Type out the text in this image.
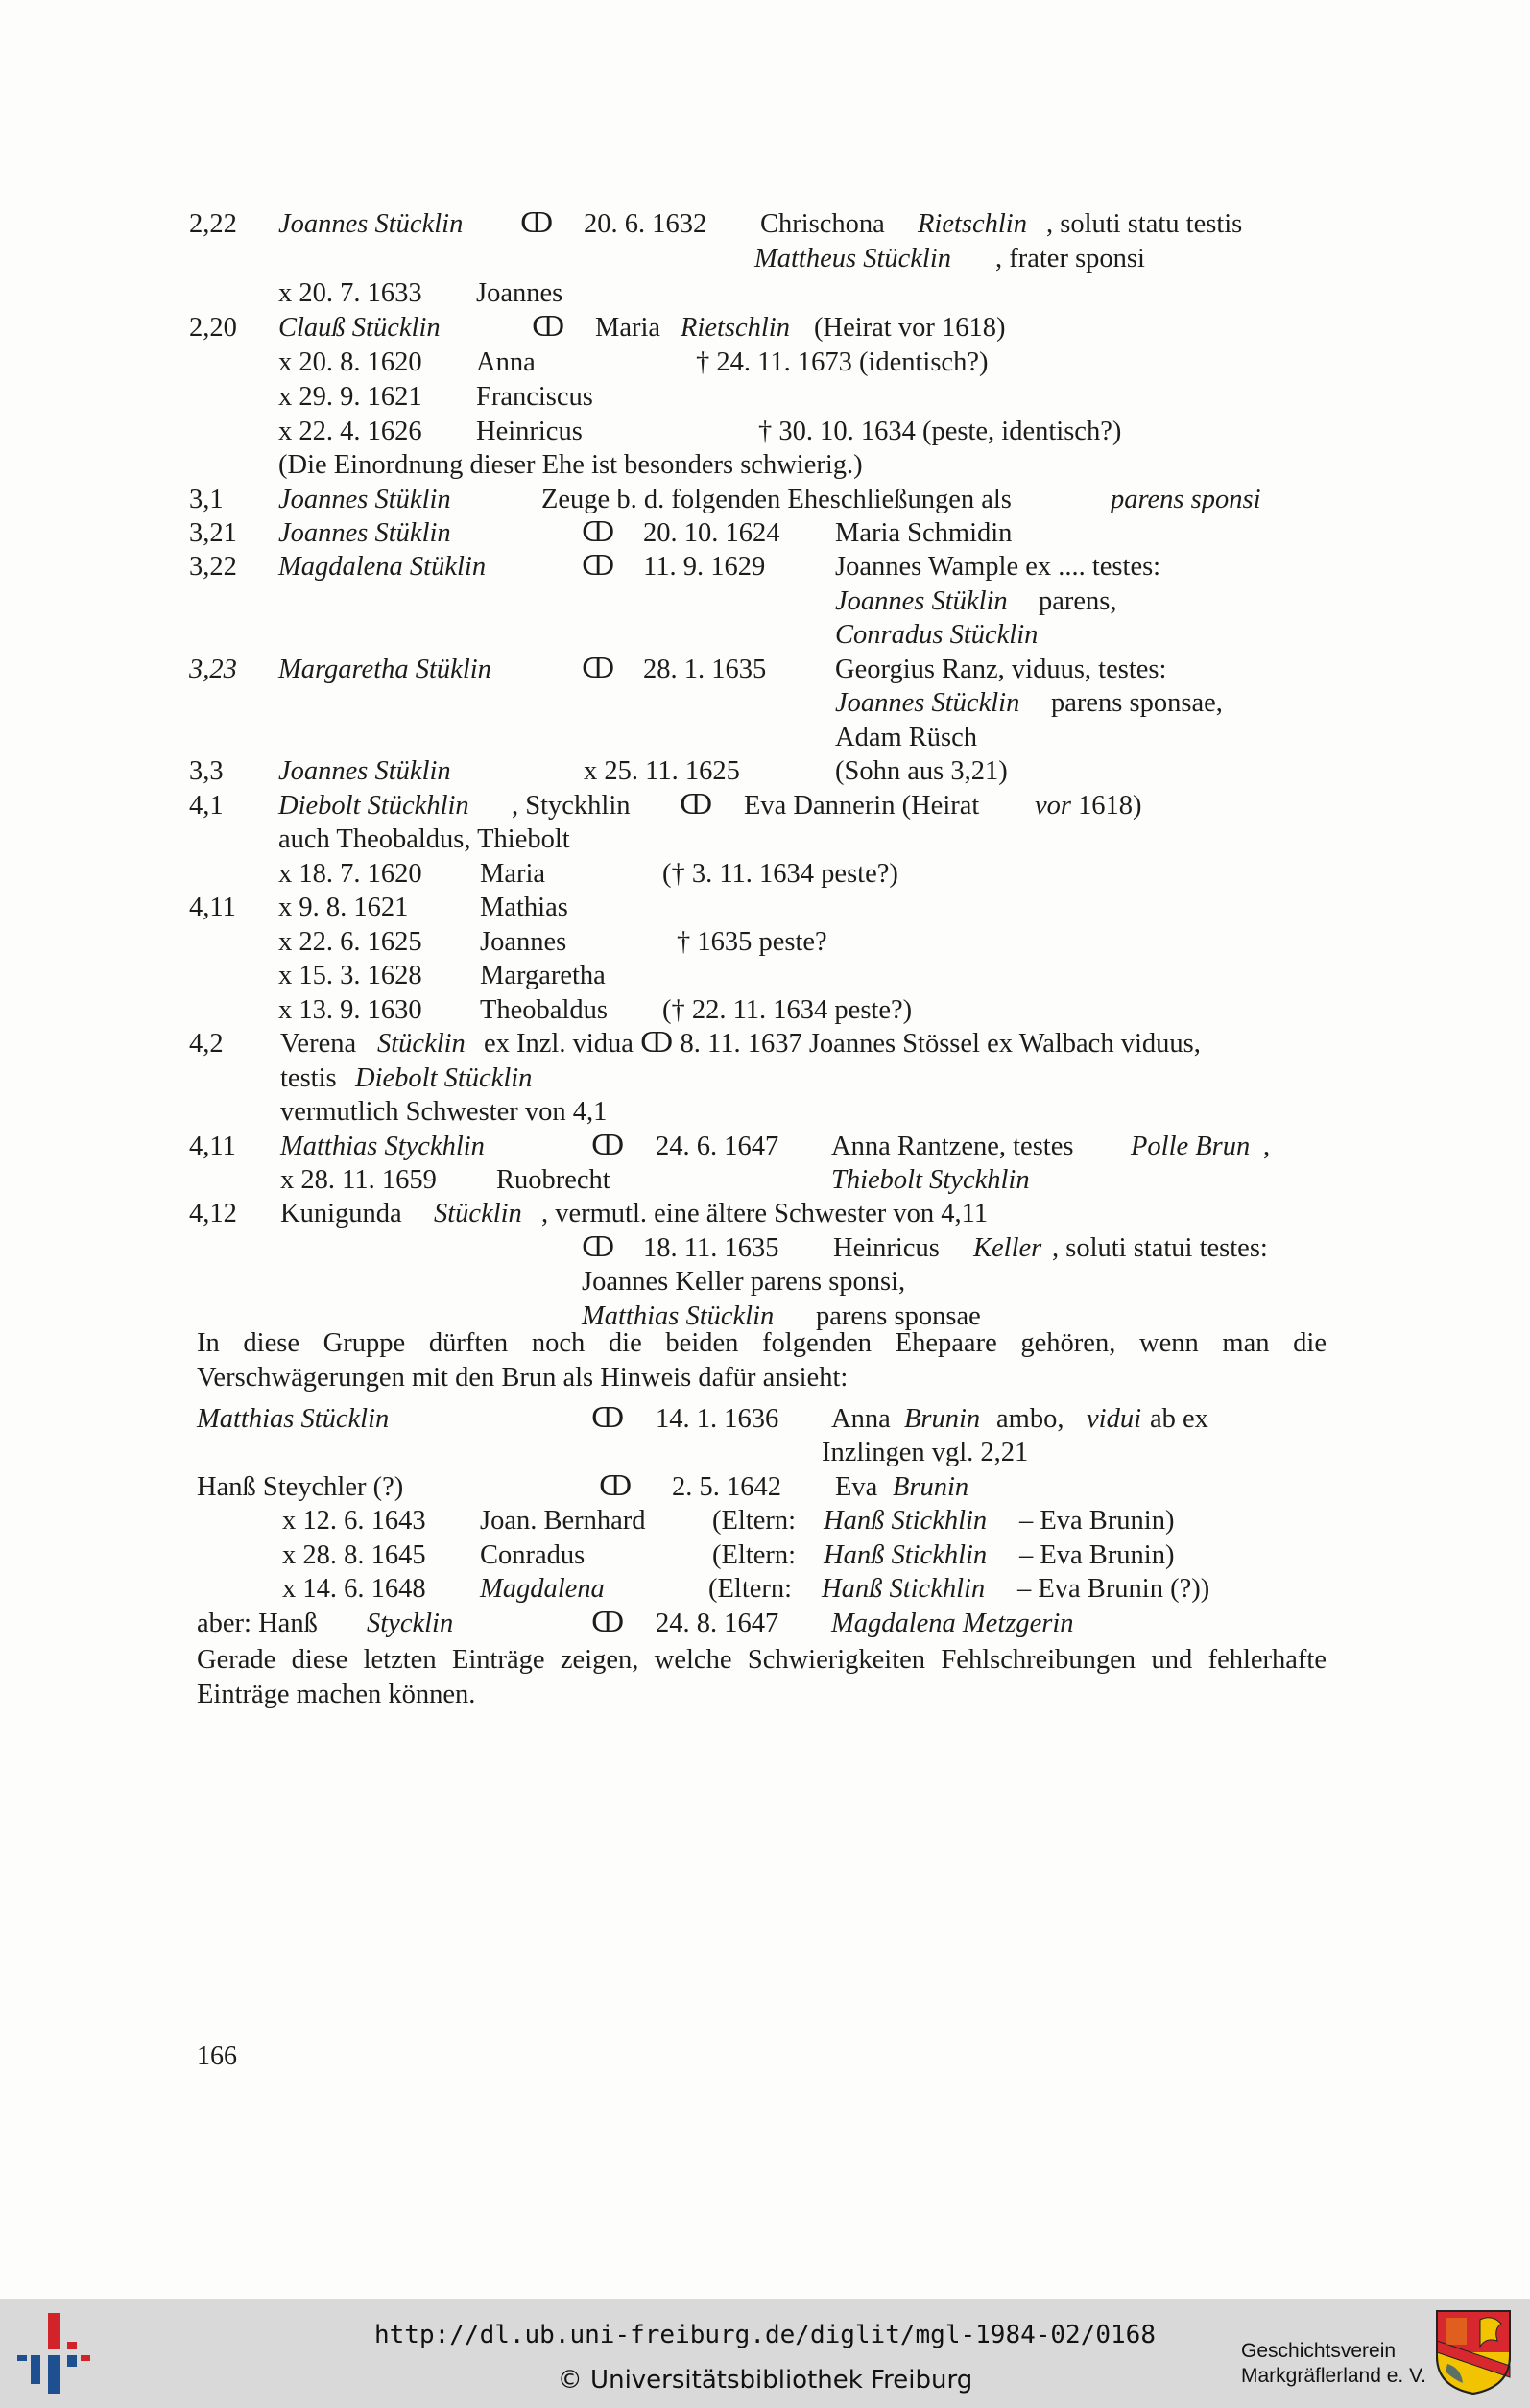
2,22 Joannes Stücklin ↀ 20. 6. 1632 Chrischona Rietschlin , soluti statu testis
Mattheus Stücklin , frater sponsi
x 20. 7. 1633 Joannes
2,20 Clauß Stücklin	ↀ Maria Rietschlin (Heirat vor 1618)
x 20. 8. 1620 Anna	† 24. 11. 1673 (identisch?)
x 29. 9. 1621 Franciscus
x 22. 4. 1626 Heinricus	† 30. 10. 1634 (peste, identisch?)
(Die Einordnung dieser Ehe ist besonders schwierig.)
3,1 Joannes Stüklin	Zeuge b. d. folgenden Eheschließungen als	parens sponsi
3,21 Joannes Stüklin	ↀ 20. 10. 1624 Maria Schmidin
3,22 Magdalena Stüklin	ↀ 11. 9. 1629	Joannes Wample ex .... testes:
Joannes Stüklin parens,
Conradus Stücklin
3,23 Margaretha Stüklin	ↀ 28. 1. 1635	Georgius Ranz, viduus, testes:
Joannes Stücklin parens sponsae,
Adam Rüsch
3,3 Joannes Stüklin	x 25. 11. 1625	(Sohn aus 3,21)
4,1 Diebolt Stückhlin , Styckhlin ↀ Eva Dannerin (Heirat vor 1618)
auch Theobaldus, Thiebolt
x 18. 7. 1620 Maria	(† 3. 11. 1634 peste?)
4,11 x 9. 8. 1621	Mathias
x 22. 6. 1625 Joannes	† 1635 peste?
x 15. 3. 1628 Margaretha
x 13. 9. 1630 Theobaldus († 22. 11. 1634 peste?)
4,2 Verena Stücklin ex Inzl. vidua ↀ 8. 11. 1637 Joannes Stössel ex Walbach viduus,
testis Diebolt Stücklin
vermutlich Schwester von 4,1
4,11 Matthias Styckhlin	ↀ 24. 6. 1647 Anna Rantzene, testes Polle Brun ,
x 28. 11. 1659 Ruobrecht	Thiebolt Styckhlin
4,12 Kunigunda Stücklin , vermutl. eine ältere Schwester von 4,11
ↀ 18. 11. 1635 Heinricus Keller , soluti statui testes:
Joannes Keller parens sponsi,
Matthias Stücklin parens sponsae
Matthias Stücklin	ↀ 14. 1. 1636 Anna Brunin ambo, vidui ab ex
Inzlingen vgl. 2,21
Hanß Steychler (?)	ↀ 2. 5. 1642 Eva Brunin
x 12. 6. 1643 Joan. Bernhard (Eltern: Hanß Stickhlin – Eva Brunin)
x 28. 8. 1645 Conradus	(Eltern: Hanß Stickhlin – Eva Brunin)
x 14. 6. 1648 Magdalena	(Eltern: Hanß Stickhlin – Eva Brunin (?))
aber: Hanß Stycklin	ↀ 24. 8. 1647 Magdalena Metzgerin
In diese Gruppe dürften noch die beiden folgenden Ehepaare gehören, wenn man die Verschwägerungen mit den Brun als Hinweis dafür ansieht:
Gerade diese letzten Einträge zeigen, welche Schwierigkeiten Fehlschreibungen und fehlerhafte Einträge machen können.
166
http://dl.ub.uni-freiburg.de/diglit/mgl-1984-02/0168
© Universitätsbibliothek Freiburg
Geschichtsverein
Markgräflerland e. V.
